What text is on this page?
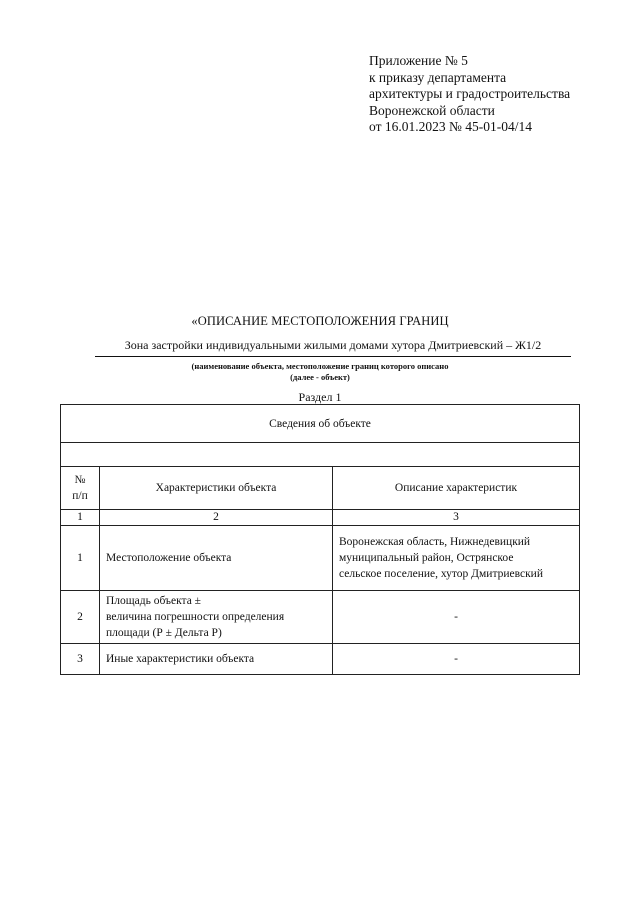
Приложение № 5
к приказу департамента
архитектуры и градостроительства
Воронежской области
от 16.01.2023 № 45-01-04/14
«ОПИСАНИЕ МЕСТОПОЛОЖЕНИЯ ГРАНИЦ
Зона застройки индивидуальными жилыми домами хутора Дмитриевский – Ж1/2
(наименование объекта, местоположение границ которого описано
(далее - объект)
Раздел 1
Сведения об объекте		

№
п/п	Характеристики объекта	Описание характеристик
1	2	3
1	Местоположение объекта	Воронежская область, Нижнедевицкий
муниципальный район, Острянское
сельское поселение, хутор Дмитриевский

2	Площадь объекта ±
величина погрешности определения
площади (Р ± Дельта Р)	-
3	Иные характеристики объекта	-
